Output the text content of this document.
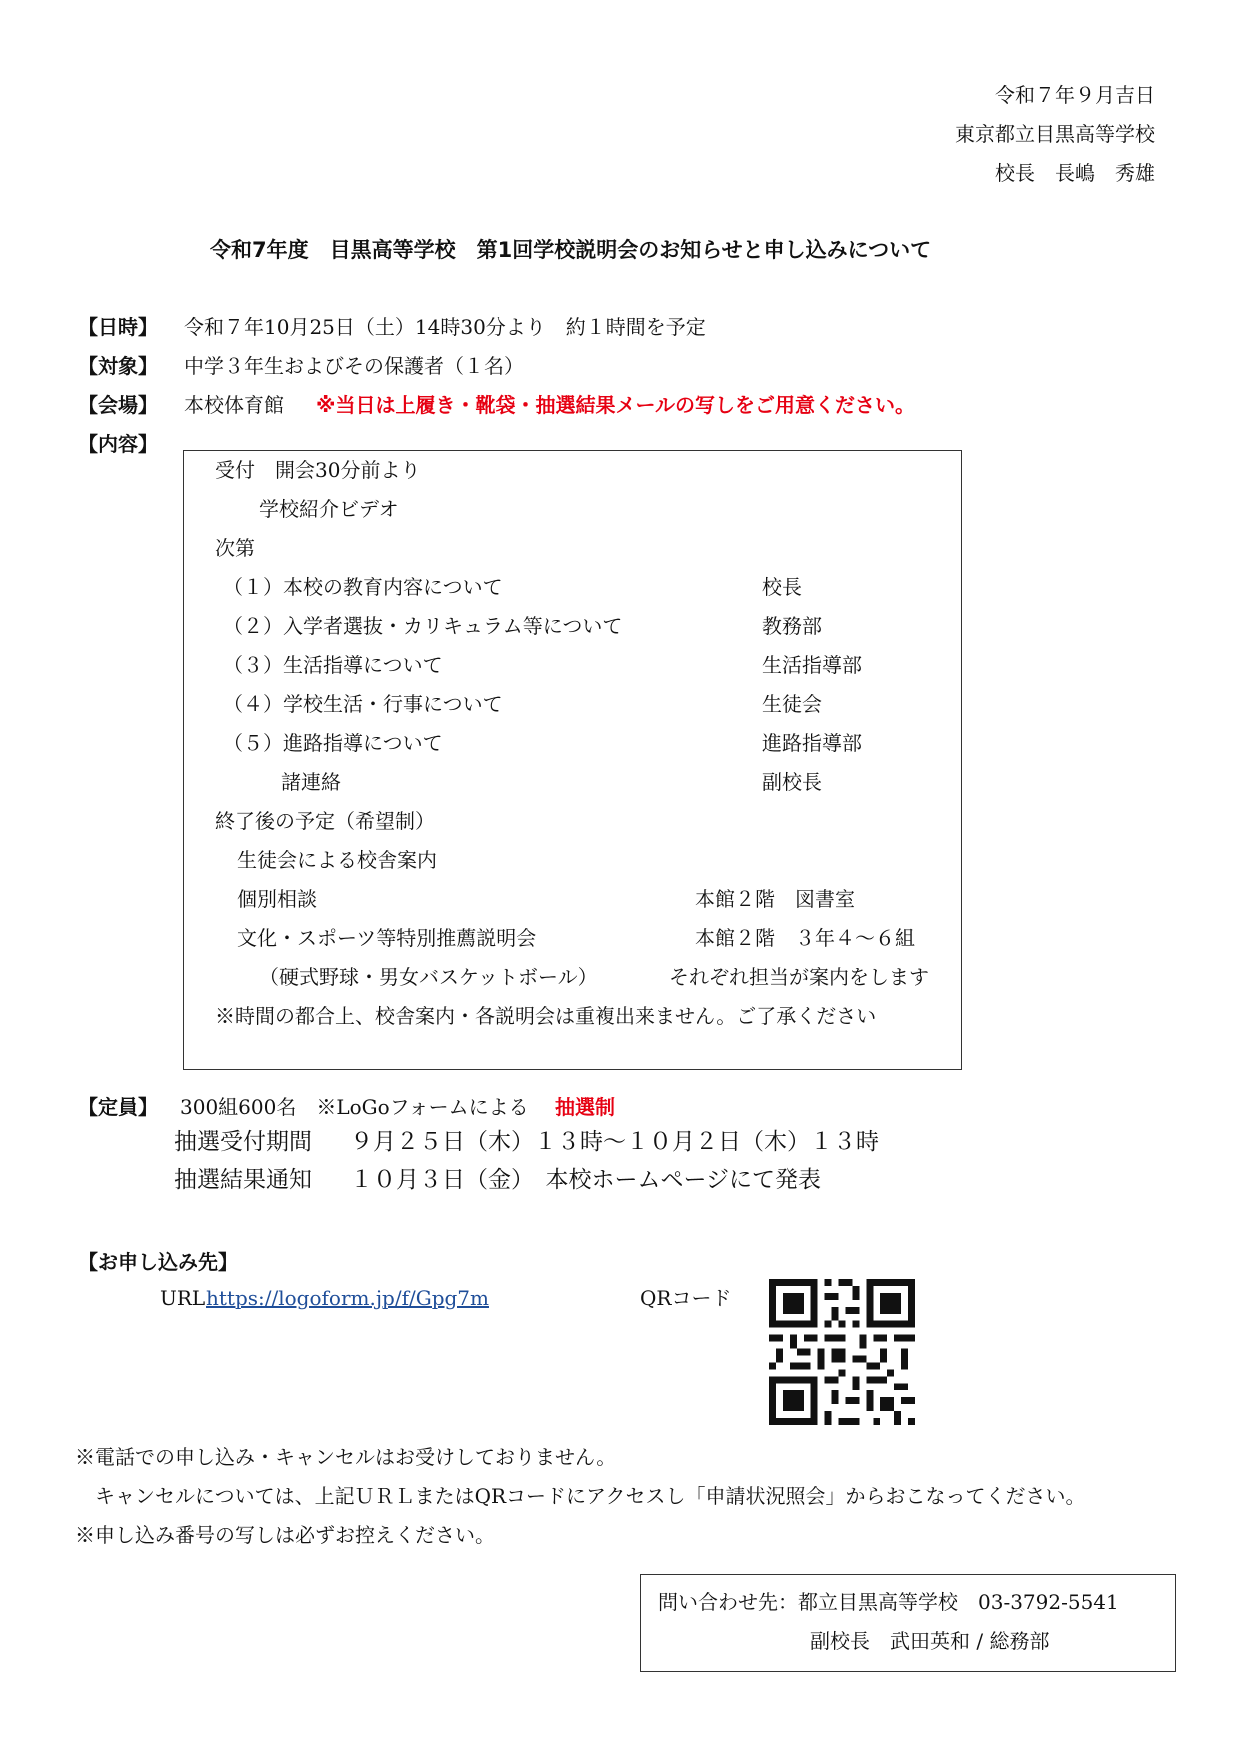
令和７年９月吉日
東京都立目黒高等学校
校長　長嶋　秀雄
令和7年度　目黒高等学校　第1回学校説明会のお知らせと申し込みについて
【日時】 令和７年10月25日（土）14時30分より　約１時間を予定
【対象】 中学３年生およびその保護者（１名）
【会場】 本校体育館 ※当日は上履き・靴袋・抽選結果メールの写しをご用意ください。
【内容】
受付　開会30分前より
学校紹介ビデオ
次第
（１）本校の教育内容について	校長
（２）入学者選抜・カリキュラム等について	教務部
（３）生活指導について	生活指導部
（４）学校生活・行事について	生徒会
（５）進路指導について	進路指導部
諸連絡	副校長
終了後の予定（希望制）
生徒会による校舎案内
個別相談	本館２階　図書室
文化・スポーツ等特別推薦説明会	本館２階　３年４～６組
（硬式野球・男女バスケットボール）	それぞれ担当が案内をします
※時間の都合上、校舎案内・各説明会は重複出来ません。ご了承ください
【定員】 300組600名　※LoGoフォームによる 抽選制
抽選受付期間 ９月２５日（木）１３時～１０月２日（木）１３時
抽選結果通知 １０月３日（金）　本校ホームページにて発表
【お申し込み先】
URL https://logoform.jp/f/Gpg7m	QRコード
※電話での申し込み・キャンセルはお受けしておりません。
　キャンセルについては、上記ＵＲＬまたはQRコードにアクセスし「申請状況照会」からおこなってください。
※申し込み番号の写しは必ずお控えください。
問い合わせ先：都立目黒高等学校　03-3792-5541
副校長　武田英和 / 総務部
